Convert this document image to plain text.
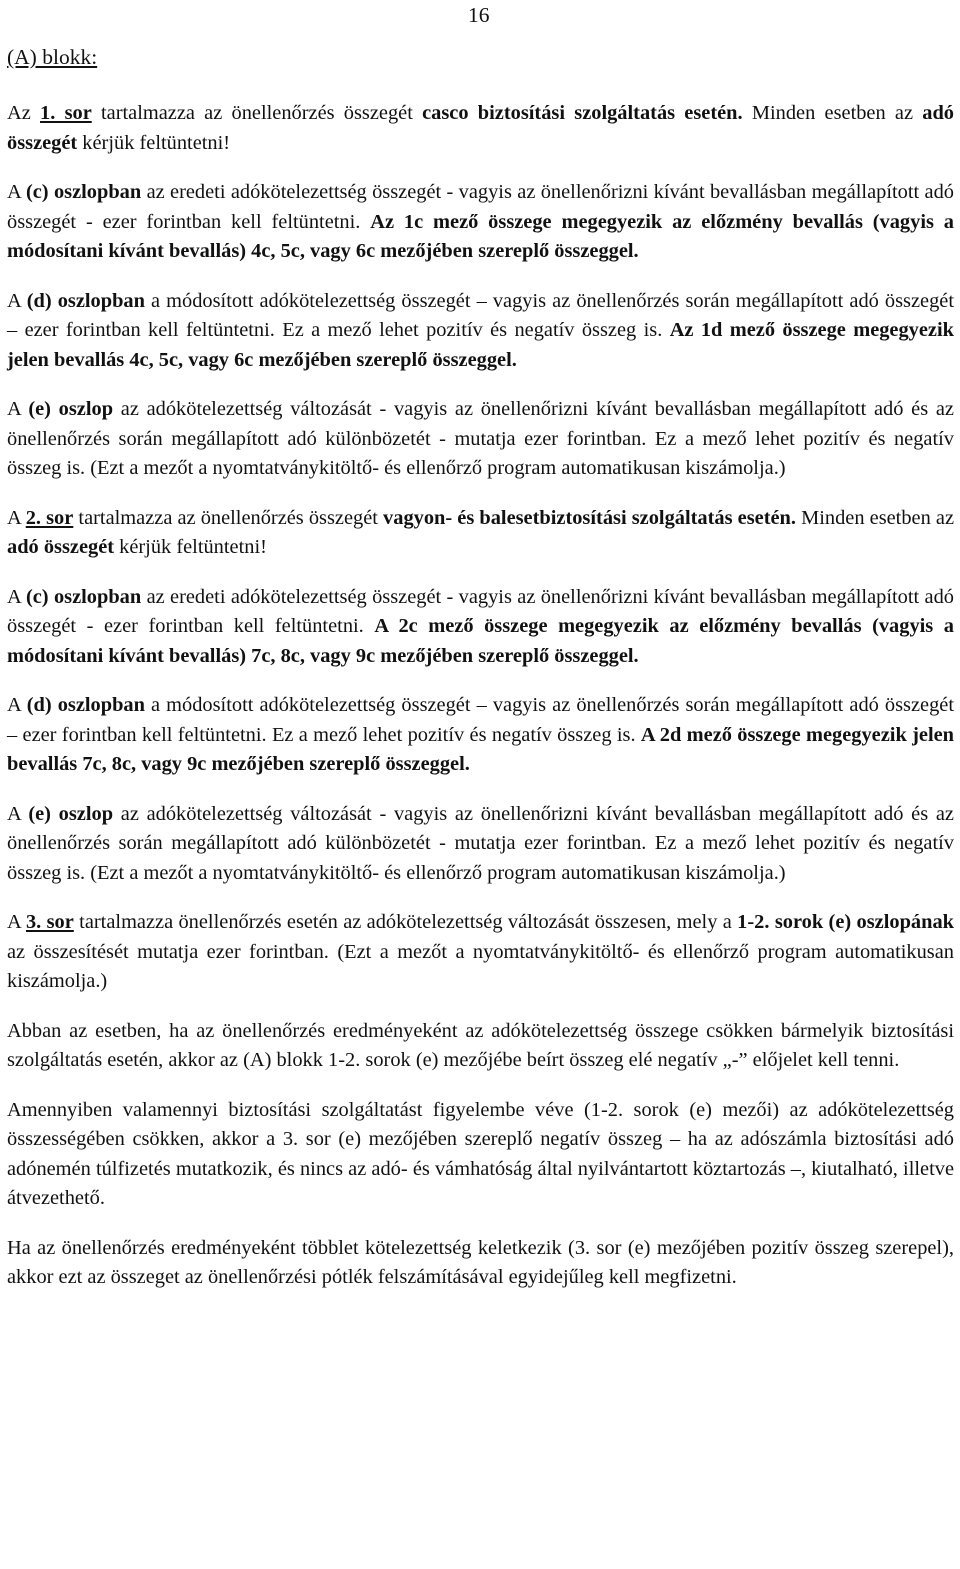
16
(A) blokk:

Az 1. sor tartalmazza az önellenőrzés összegét casco biztosítási szolgáltatás esetén. Minden esetben az adó összegét kérjük feltüntetni!

A (c) oszlopban az eredeti adókötelezettség összegét - vagyis az önellenőrizni kívánt bevallásban megállapított adó összegét - ezer forintban kell feltüntetni. Az 1c mező összege megegyezik az előzmény bevallás (vagyis a módosítani kívánt bevallás) 4c, 5c, vagy 6c mezőjében szereplő összeggel.

A (d) oszlopban a módosított adókötelezettség összegét – vagyis az önellenőrzés során megállapított adó összegét – ezer forintban kell feltüntetni. Ez a mező lehet pozitív és negatív összeg is. Az 1d mező összege megegyezik jelen bevallás 4c, 5c, vagy 6c mezőjében szereplő összeggel.

A (e) oszlop az adókötelezettség változását - vagyis az önellenőrizni kívánt bevallásban megállapított adó és az önellenőrzés során megállapított adó különbözetét - mutatja ezer forintban. Ez a mező lehet pozitív és negatív összeg is. (Ezt a mezőt a nyomtatványkitöltő- és ellenőrző program automatikusan kiszámolja.)

A 2. sor tartalmazza az önellenőrzés összegét vagyon- és balesetbiztosítási szolgáltatás esetén. Minden esetben az adó összegét kérjük feltüntetni!

A (c) oszlopban az eredeti adókötelezettség összegét - vagyis az önellenőrizni kívánt bevallásban megállapított adó összegét - ezer forintban kell feltüntetni. A 2c mező összege megegyezik az előzmény bevallás (vagyis a módosítani kívánt bevallás) 7c, 8c, vagy 9c mezőjében szereplő összeggel.

A (d) oszlopban a módosított adókötelezettség összegét – vagyis az önellenőrzés során megállapított adó összegét – ezer forintban kell feltüntetni. Ez a mező lehet pozitív és negatív összeg is. A 2d mező összege megegyezik jelen bevallás 7c, 8c, vagy 9c mezőjében szereplő összeggel.

A (e) oszlop az adókötelezettség változását - vagyis az önellenőrizni kívánt bevallásban megállapított adó és az önellenőrzés során megállapított adó különbözetét - mutatja ezer forintban. Ez a mező lehet pozitív és negatív összeg is. (Ezt a mezőt a nyomtatványkitöltő- és ellenőrző program automatikusan kiszámolja.)

A 3. sor tartalmazza önellenőrzés esetén az adókötelezettség változását összesen, mely a 1-2. sorok (e) oszlopának az összesítését mutatja ezer forintban. (Ezt a mezőt a nyomtatványkitöltő- és ellenőrző program automatikusan kiszámolja.)

Abban az esetben, ha az önellenőrzés eredményeként az adókötelezettség összege csökken bármelyik biztosítási szolgáltatás esetén, akkor az (A) blokk 1-2. sorok (e) mezőjébe beírt összeg elé negatív „-” előjelet kell tenni.

Amennyiben valamennyi biztosítási szolgáltatást figyelembe véve (1-2. sorok (e) mezői) az adókötelezettség összességében csökken, akkor a 3. sor (e) mezőjében szereplő negatív összeg – ha az adószámla biztosítási adó adónemén túlfizetés mutatkozik, és nincs az adó- és vámhatóság által nyilvántartott köztartozás –, kiutalható, illetve átvezethető.

Ha az önellenőrzés eredményeként többlet kötelezettség keletkezik (3. sor (e) mezőjében pozitív összeg szerepel), akkor ezt az összeget az önellenőrzési pótlék felszámításával egyidejűleg kell megfizetni.
